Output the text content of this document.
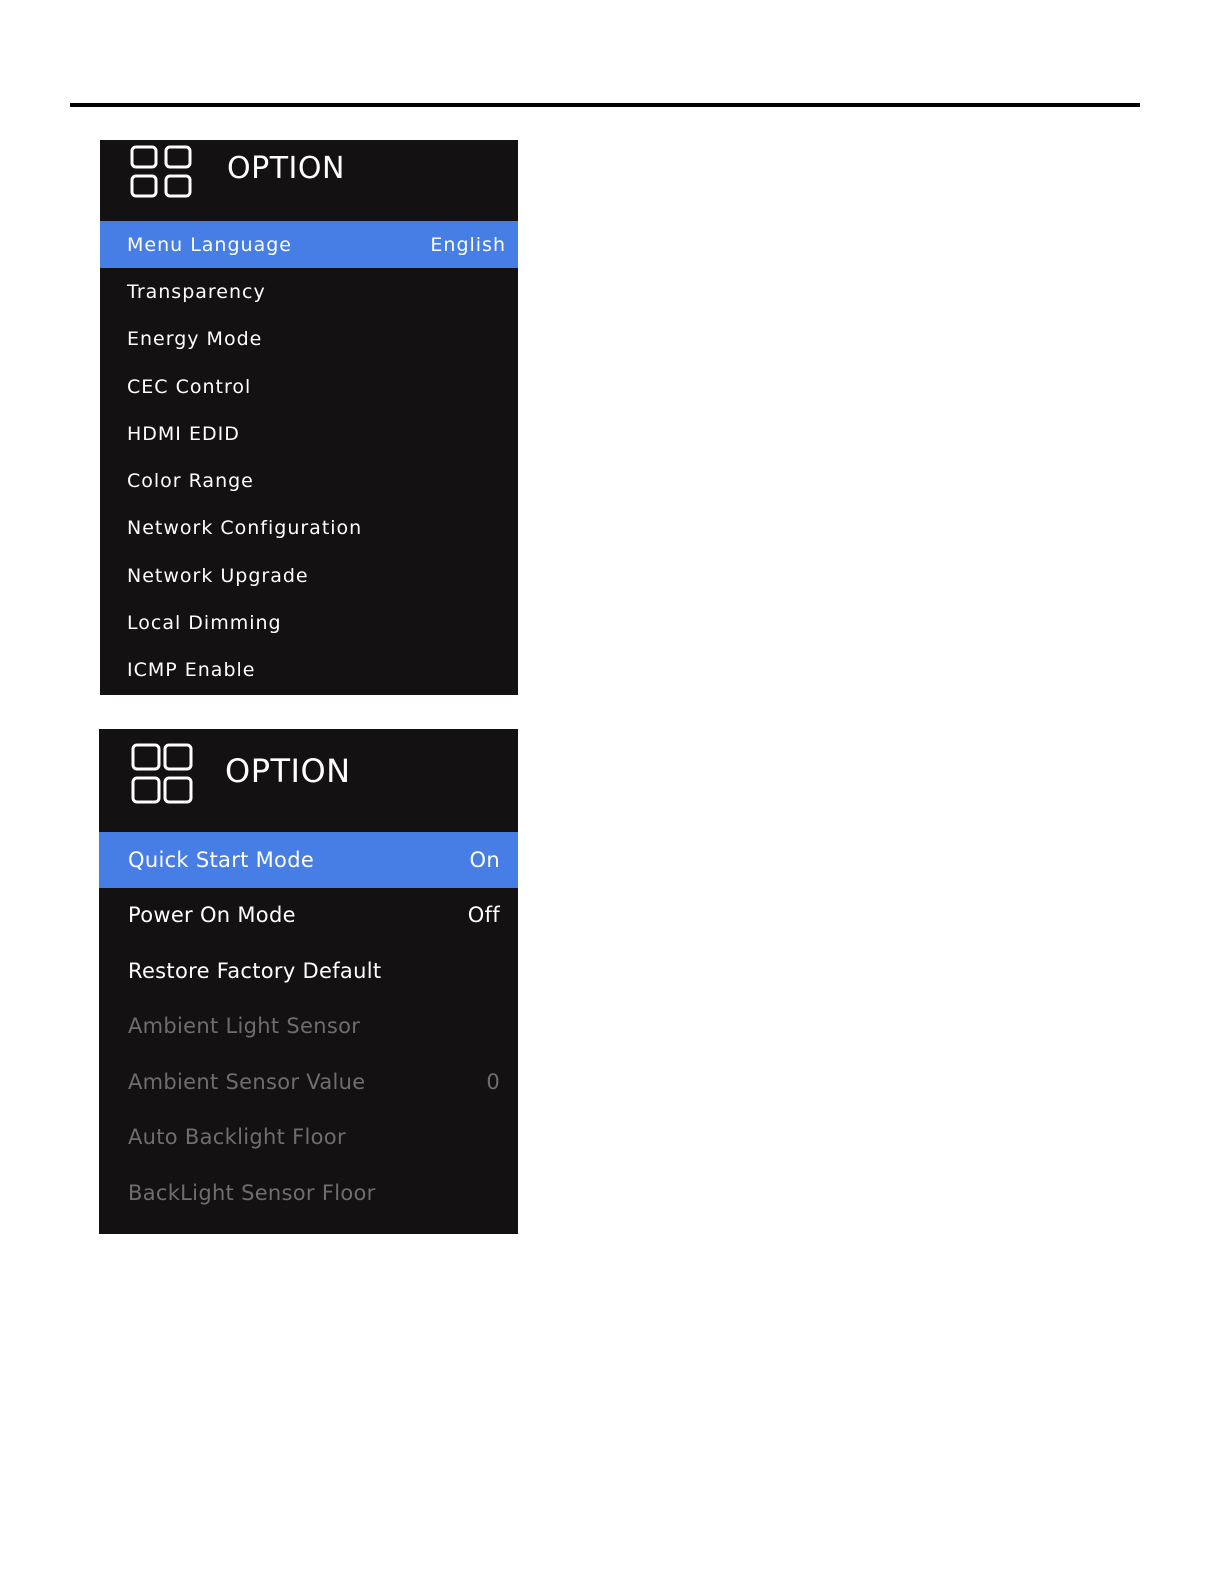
OPTION
Menu Language	English
Transparency
Energy Mode
CEC Control
HDMI EDID
Color Range
Network Configuration
Network Upgrade
Local Dimming
ICMP Enable
OPTION
Quick Start Mode	On
Power On Mode	Off
Restore Factory Default
Ambient Light Sensor
Ambient Sensor Value	0
Auto Backlight Floor
BackLight Sensor Floor
